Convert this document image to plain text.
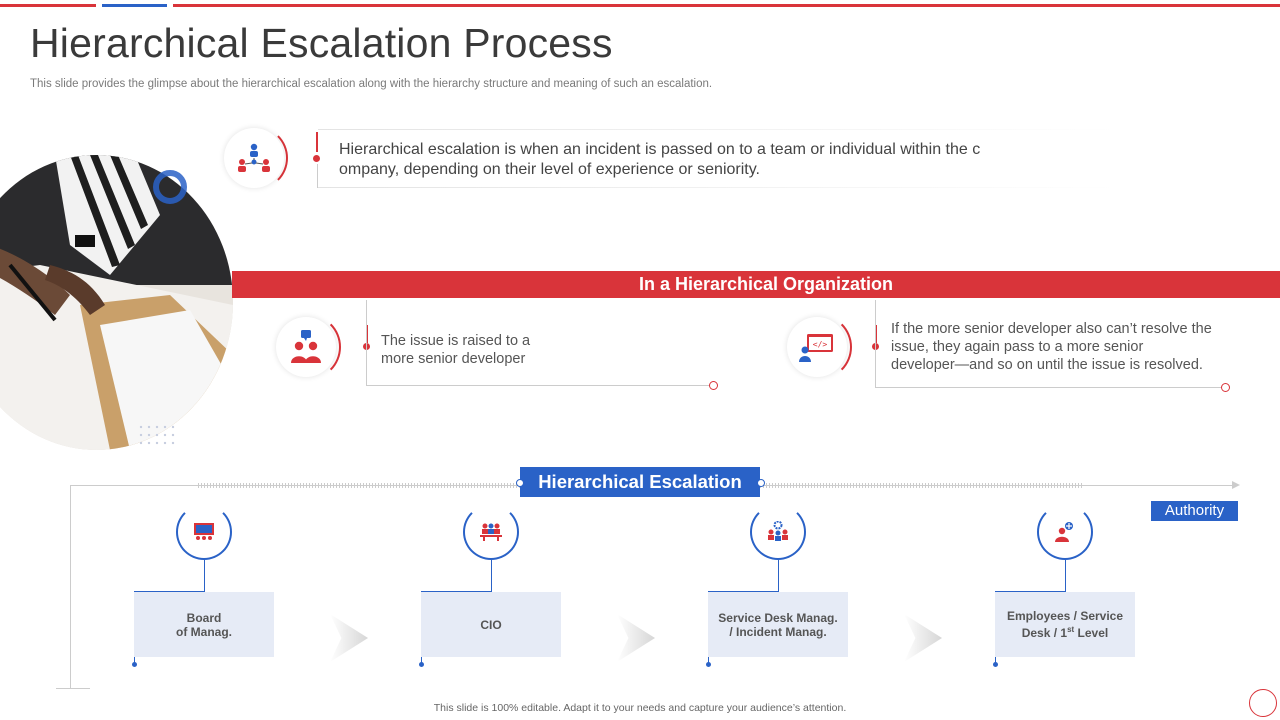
Hierarchical Escalation Process
This slide provides the glimpse about the hierarchical escalation along with the hierarchy structure and meaning of such an escalation.
Hierarchical escalation is when an incident is passed on to a team or individual within the c
ompany, depending on their level of experience or seniority.
In a Hierarchical Organization
The issue is raised to a
more senior developer
</>
If the more senior developer also can’t resolve the
issue, they again pass to a more senior
developer—and so on until the issue is resolved.
Hierarchical Escalation
Authority
Board
of Manag.	CIO	Service Desk Manag.
/ Incident Manag.
Employees / Service
Desk / 1st Level
This slide is 100% editable. Adapt it to your needs and capture your audience’s attention.
